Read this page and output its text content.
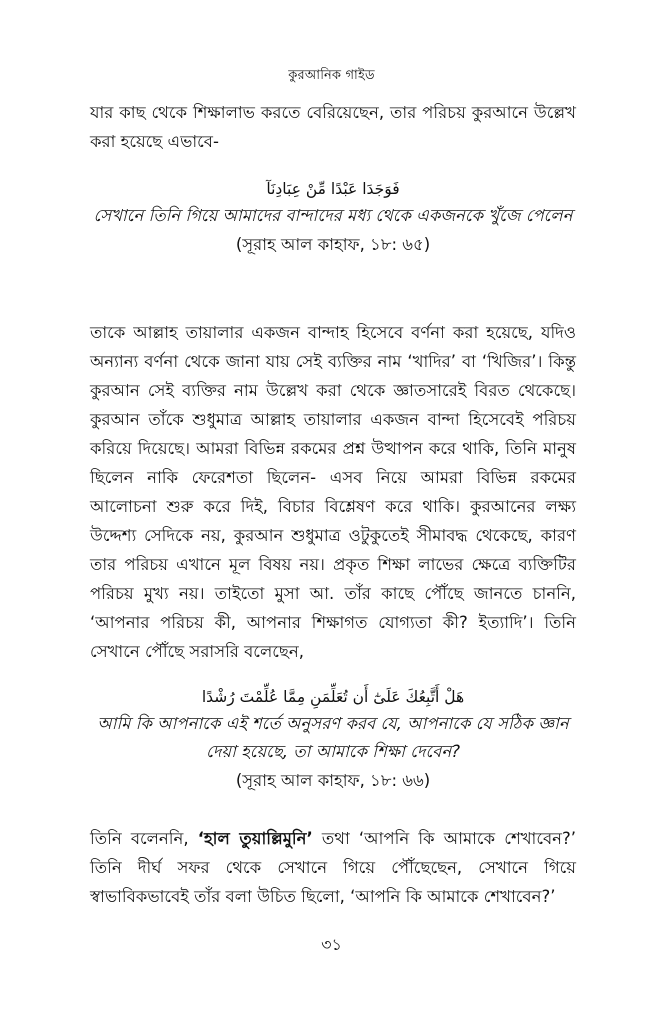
কুরআনিক গাইড

যার কাছ থেকে শিক্ষালাভ করতে বেরিয়েছেন, তার পরিচয় কুরআনে উল্লেখ করা হয়েছে এভাবে-

فَوَجَدَا عَبْدًا مِّنْ عِبَادِنَآ
সেখানে তিনি গিয়ে আমাদের বান্দাদের মধ্য থেকে একজনকে খুঁজে পেলেন
(সূরাহ আল কাহাফ, ১৮: ৬৫)

তাকে আল্লাহ তায়ালার একজন বান্দাহ হিসেবে বর্ণনা করা হয়েছে, যদিও অন্যান্য বর্ণনা থেকে জানা যায় সেই ব্যক্তির নাম ‘খাদির’ বা ‘খিজির’। কিন্তু কুরআন সেই ব্যক্তির নাম উল্লেখ করা থেকে জ্ঞাতসারেই বিরত থেকেছে। কুরআন তাঁকে শুধুমাত্র আল্লাহ তায়ালার একজন বান্দা হিসেবেই পরিচয় করিয়ে দিয়েছে। আমরা বিভিন্ন রকমের প্রশ্ন উত্থাপন করে থাকি, তিনি মানুষ ছিলেন নাকি ফেরেশতা ছিলেন- এসব নিয়ে আমরা বিভিন্ন রকমের আলোচনা শুরু করে দিই, বিচার বিশ্লেষণ করে থাকি। কুরআনের লক্ষ্য উদ্দেশ্য সেদিকে নয়, কুরআন শুধুমাত্র ওটুকুতেই সীমাবদ্ধ থেকেছে, কারণ তার পরিচয় এখানে মূল বিষয় নয়। প্রকৃত শিক্ষা লাভের ক্ষেত্রে ব্যক্তিটির পরিচয় মুখ্য নয়। তাইতো মুসা আ. তাঁর কাছে পৌঁছে জানতে চাননি, ‘আপনার পরিচয় কী, আপনার শিক্ষাগত যোগ্যতা কী? ইত্যাদি’। তিনি সেখানে পৌঁছে সরাসরি বলেছেন,

هَلْ أَتَّبِعُكَ عَلَىٰٓ أَن تُعَلِّمَنِ مِمَّا عُلِّمْتَ رُشْدًا
আমি কি আপনাকে এই শর্তে অনুসরণ করব যে, আপনাকে যে সঠিক জ্ঞান দেয়া হয়েছে, তা আমাকে শিক্ষা দেবেন?
(সূরাহ আল কাহাফ, ১৮: ৬৬)

তিনি বলেননি, ‘হাল তুয়াল্লিমুনি’ তথা ‘আপনি কি আমাকে শেখাবেন?’ তিনি দীর্ঘ সফর থেকে সেখানে গিয়ে পৌঁছেছেন, সেখানে গিয়ে স্বাভাবিকভাবেই তাঁর বলা উচিত ছিলো, ‘আপনি কি আমাকে শেখাবেন?’

৩১
